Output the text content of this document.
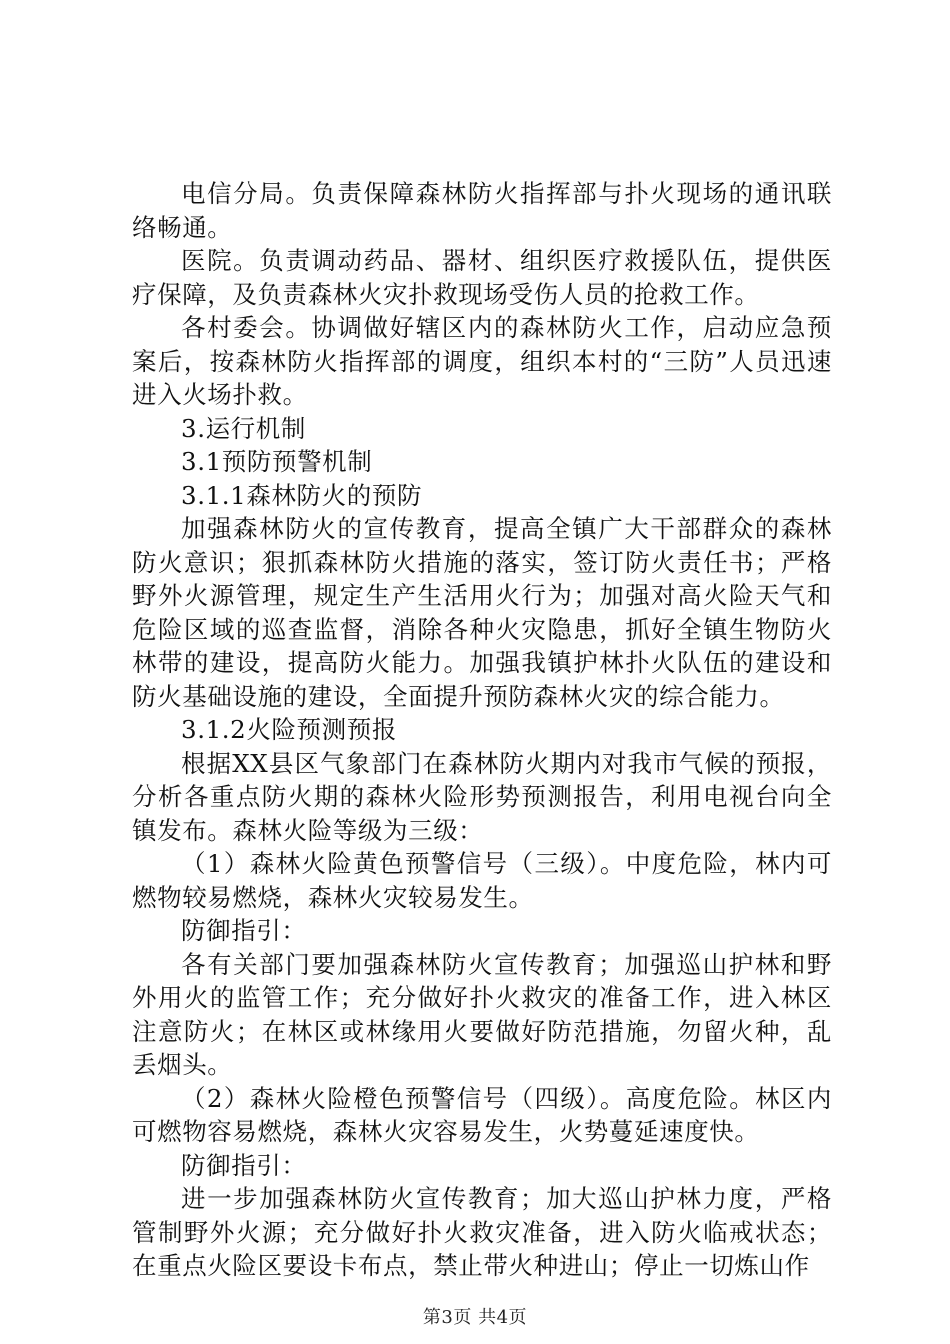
电信分局。负责保障森林防火指挥部与扑火现场的通讯联络畅通。

医院。负责调动药品、器材、组织医疗救援队伍，提供医疗保障，及负责森林火灾扑救现场受伤人员的抢救工作。

各村委会。协调做好辖区内的森林防火工作，启动应急预案后，按森林防火指挥部的调度，组织本村的“三防”人员迅速进入火场扑救。

3.运行机制

3.1预防预警机制

3.1.1森林防火的预防

加强森林防火的宣传教育，提高全镇广大干部群众的森林防火意识；狠抓森林防火措施的落实，签订防火责任书；严格野外火源管理，规定生产生活用火行为；加强对高火险天气和危险区域的巡查监督，消除各种火灾隐患，抓好全镇生物防火林带的建设，提高防火能力。加强我镇护林扑火队伍的建设和防火基础设施的建设，全面提升预防森林火灾的综合能力。

3.1.2火险预测预报

根据XX县区气象部门在森林防火期内对我市气候的预报，分析各重点防火期的森林火险形势预测报告，利用电视台向全镇发布。森林火险等级为三级：

（1）森林火险黄色预警信号（三级）。中度危险，林内可燃物较易燃烧，森林火灾较易发生。

防御指引：

各有关部门要加强森林防火宣传教育；加强巡山护林和野外用火的监管工作；充分做好扑火救灾的准备工作，进入林区注意防火；在林区或林缘用火要做好防范措施，勿留火种，乱丢烟头。

（2）森林火险橙色预警信号（四级）。高度危险。林区内可燃物容易燃烧，森林火灾容易发生，火势蔓延速度快。

防御指引：

进一步加强森林防火宣传教育；加大巡山护林力度，严格管制野外火源；充分做好扑火救灾准备，进入防火临戒状态；在重点火险区要设卡布点，禁止带火种进山；停止一切炼山作

第3页 共4页
